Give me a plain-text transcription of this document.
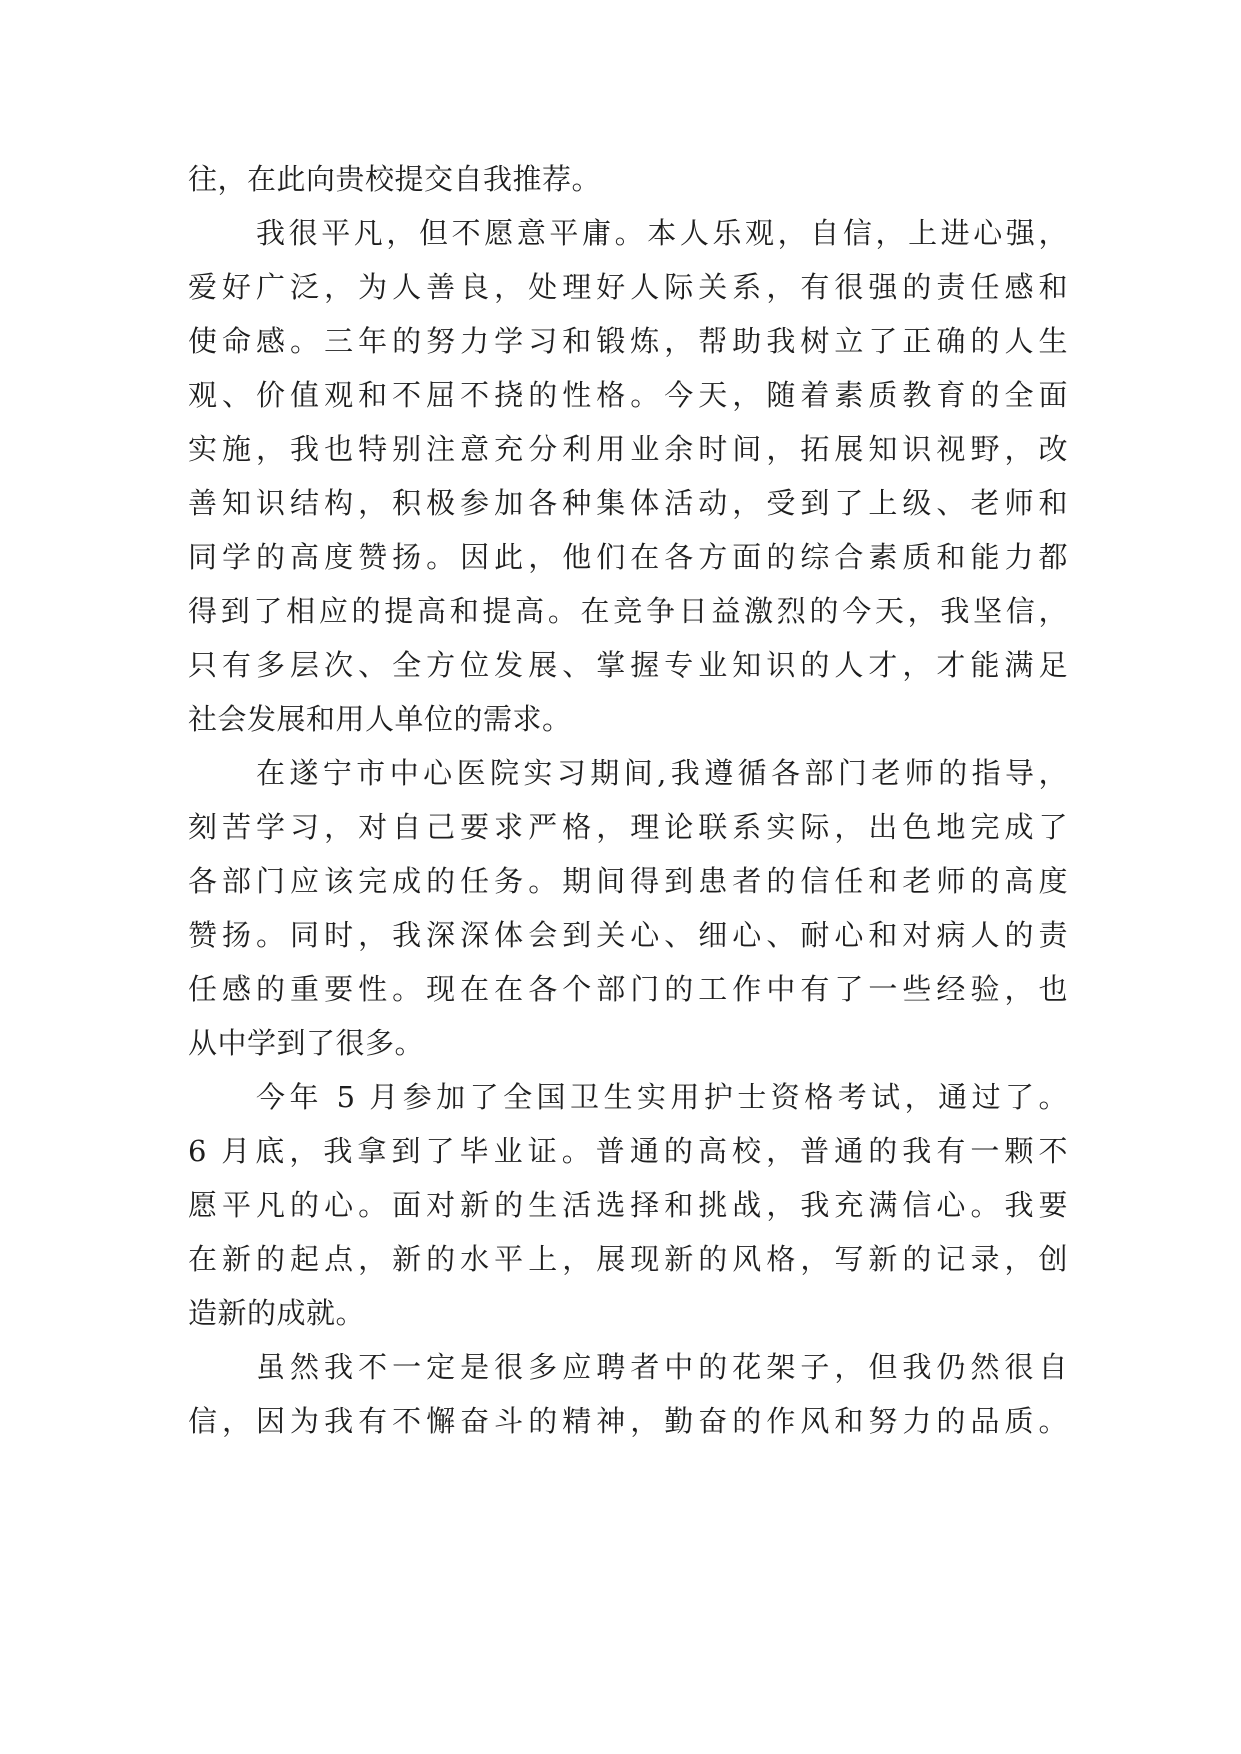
往，在此向贵校提交自我推荐。
我很平凡，但不愿意平庸。本人乐观，自信，上进心强，
爱好广泛，为人善良，处理好人际关系，有很强的责任感和
使命感。三年的努力学习和锻炼，帮助我树立了正确的人生
观、价值观和不屈不挠的性格。今天，随着素质教育的全面
实施，我也特别注意充分利用业余时间，拓展知识视野，改
善知识结构，积极参加各种集体活动，受到了上级、老师和
同学的高度赞扬。因此，他们在各方面的综合素质和能力都
得到了相应的提高和提高。在竞争日益激烈的今天，我坚信，
只有多层次、全方位发展、掌握专业知识的人才，才能满足
社会发展和用人单位的需求。
在遂宁市中心医院实习期间,我遵循各部门老师的指导，
刻苦学习，对自己要求严格，理论联系实际，出色地完成了
各部门应该完成的任务。期间得到患者的信任和老师的高度
赞扬。同时，我深深体会到关心、细心、耐心和对病人的责
任感的重要性。现在在各个部门的工作中有了一些经验，也
从中学到了很多。
今年 5 月参加了全国卫生实用护士资格考试，通过了。
6 月底，我拿到了毕业证。普通的高校，普通的我有一颗不
愿平凡的心。面对新的生活选择和挑战，我充满信心。我要
在新的起点，新的水平上，展现新的风格，写新的记录，创
造新的成就。
虽然我不一定是很多应聘者中的花架子，但我仍然很自
信，因为我有不懈奋斗的精神，勤奋的作风和努力的品质。
